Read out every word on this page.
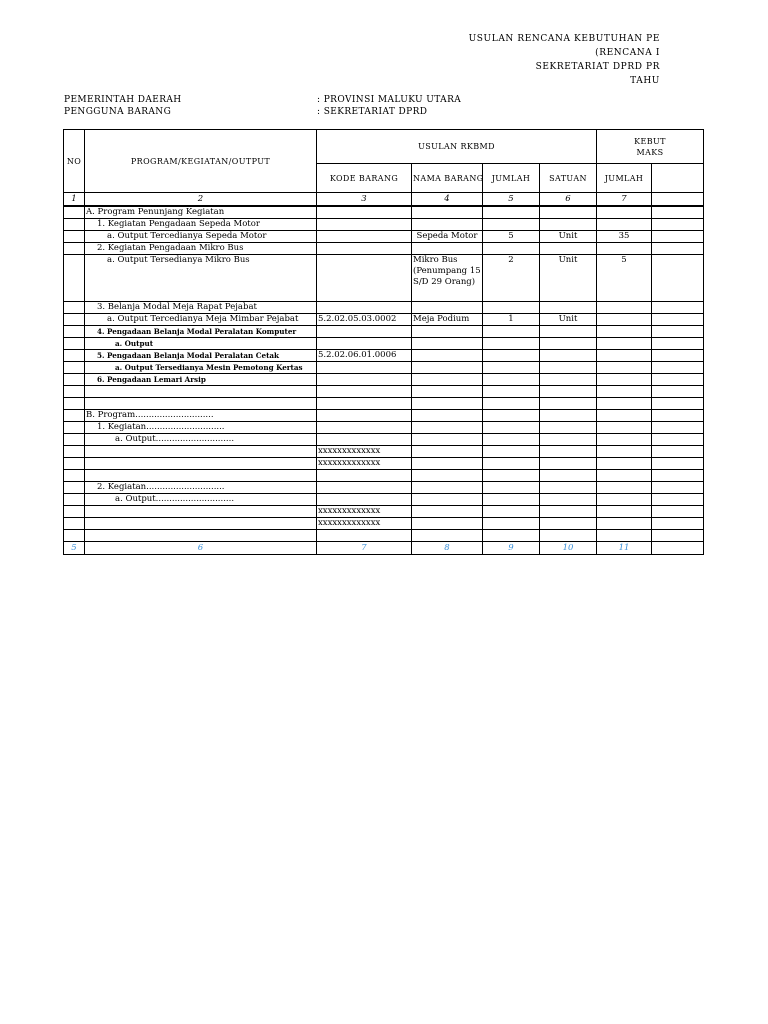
USULAN RENCANA KEBUTUHAN PE
(RENCANA I
SEKRETARIAT DPRD PR
TAHU
PEMERINTAH DAERAH	: PROVINSI MALUKU UTARA
PENGGUNA BARANG	: SEKRETARIAT DPRD
NO	PROGRAM/KEGIATAN/OUTPUT	USULAN RKBMD				KEBUT
MAKS	

		KODE BARANG	NAMA BARANG	JUMLAH	SATUAN	JUMLAH	
1	2	3	4	5	6	7	
	A. Program Penunjang Kegiatan						
	1. Kegiatan Pengadaan Sepeda Motor						
	a. Output Tercedianya Sepeda Motor		Sepeda Motor	5	Unit	35	
	2. Kegiatan Pengadaan Mikro Bus						
	a. Output Tersedianya Mikro Bus		Mikro Bus (Penumpang 15 S/D 29 Orang)	2	Unit	5	
	3. Belanja Modal Meja Rapat Pejabat						
	a. Output Tercedianya Meja Mimbar Pejabat	5.2.02.05.03.0002	Meja Podium	1	Unit		
	4. Pengadaan Belanja Modal Peralatan Komputer						
	a. Output						
	5. Pengadaan Belanja Modal Peralatan Cetak	5.2.02.06.01.0006					
	a. Output Tersedianya Mesin Pemotong Kertas						
	6. Pengadaan Lemari Arsip						

	B. Program.............................						
	1. Kegiatan.............................						
	a. Output.............................						
		xxxxxxxxxxxxx					
		xxxxxxxxxxxxx					

	2. Kegiatan.............................						
	a. Output.............................						
		xxxxxxxxxxxxx					
		xxxxxxxxxxxxx					

5	6	7	8	9	10	11	
